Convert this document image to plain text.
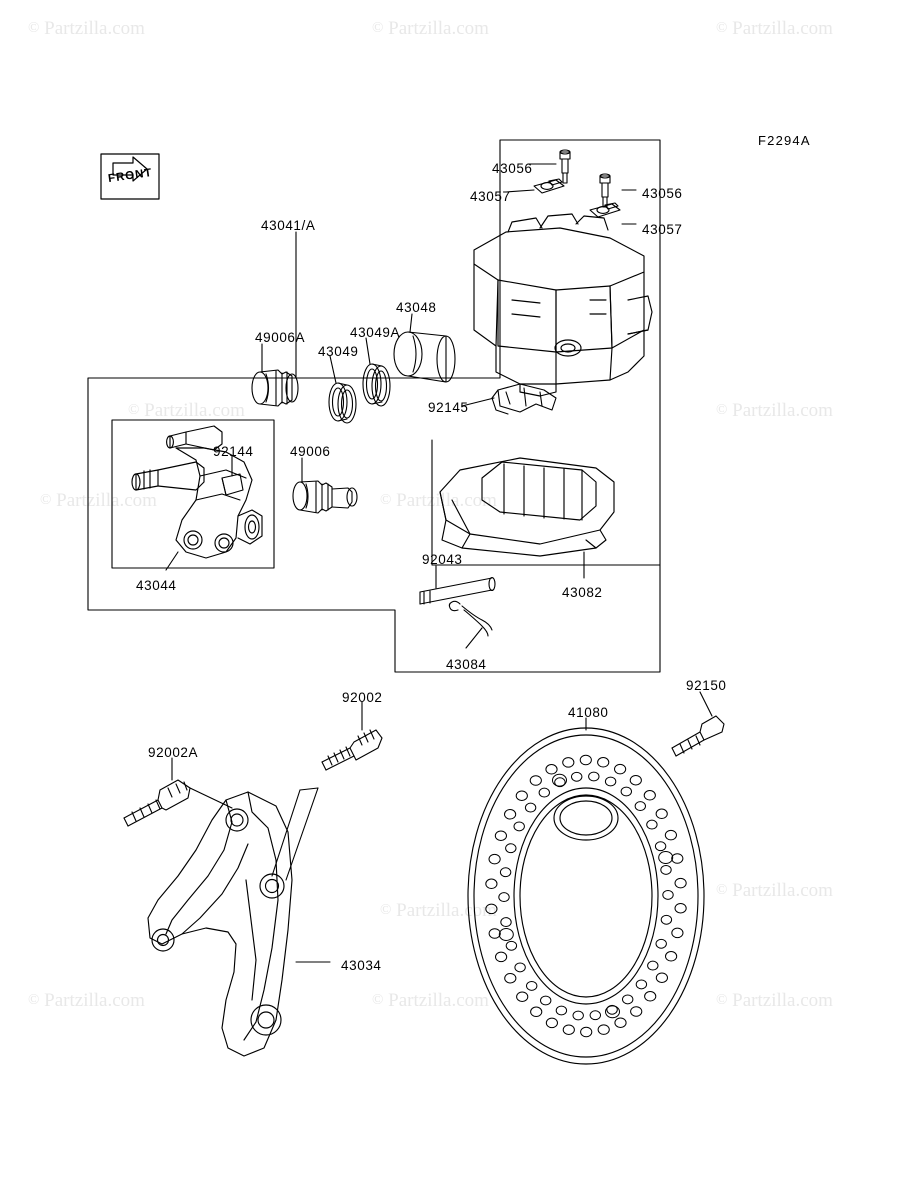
© Partzilla.com	© Partzilla.com	© Partzilla.com
© Partzilla.com
© Partzilla.com
© Partzilla.com
© Partzilla.com
© Partzilla.com
© Partzilla.com
© Partzilla.com	© Partzilla.com	© Partzilla.com
FRONT
F2294A
43056
43056
43057
43057
43041/A
43048
43049A
49006A
43049
92145
92144	49006
43044
92043
43082
43084
92002
92150
41080
92002A
43034
